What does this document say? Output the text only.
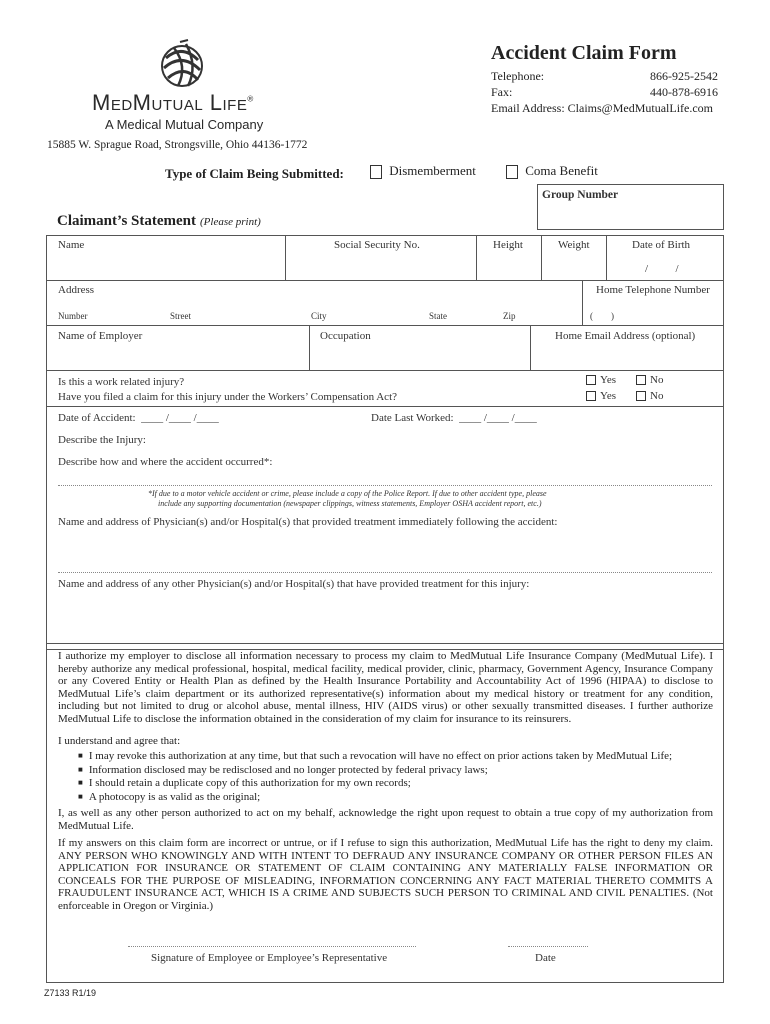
MedMutual Life®
A Medical Mutual Company
15885 W. Sprague Road, Strongsville, Ohio 44136-1772
Accident Claim Form
Telephone:	866-925-2542
Fax:	440-878-6916
Email Address: Claims@MedMutualLife.com
Type of Claim Being Submitted:	Dismemberment	Coma Benefit
Group Number
Claimant’s Statement (Please print)
Name	Social Security No.	Height	Weight	Date of Birth
/          /
Address	Home Telephone Number
Number	Street	City	State	Zip	(        )
Name of Employer	Occupation	Home Email Address (optional)
Is this a work related injury?
Have you filed a claim for this injury under the Workers’ Compensation Act?
Yes	No
Yes	No
Date of Accident:  ____ /____ /____	Date Last Worked:  ____ /____ /____
Describe the Injury:
Describe how and where the accident occurred*:
*If due to a motor vehicle accident or crime, please include a copy of the Police Report. If due to other accident type, please
include any supporting documentation (newspaper clippings, witness statements, Employer OSHA accident report, etc.)
Name and address of Physician(s) and/or Hospital(s) that provided treatment immediately following the accident:
Name and address of any other Physician(s) and/or Hospital(s) that have provided treatment for this injury:
I authorize my employer to disclose all information necessary to process my claim to MedMutual Life Insurance Company (MedMutual Life). I hereby authorize any medical professional, hospital, medical facility, medical provider, clinic, pharmacy, Government Agency, Insurance Company or any Covered Entity or Health Plan as defined by the Health Insurance Portability and Accountability Act of 1996 (HIPAA) to disclose to MedMutual Life’s claim department or its authorized representative(s) information about my medical history or treatment for any condition, including but not limited to drug or alcohol abuse, mental illness, HIV (AIDS virus) or other sexually transmitted diseases. I further authorize MedMutual Life to disclose the information obtained in the consideration of my claim for insurance to its reinsurers.
I understand and agree that:
■ I may revoke this authorization at any time, but that such a revocation will have no effect on prior actions taken by MedMutual Life;
■ Information disclosed may be redisclosed and no longer protected by federal privacy laws;
■ I should retain a duplicate copy of this authorization for my own records;
■ A photocopy is as valid as the original;
I, as well as any other person authorized to act on my behalf, acknowledge the right upon request to obtain a true copy of my authorization from MedMutual Life.
If my answers on this claim form are incorrect or untrue, or if I refuse to sign this authorization, MedMutual Life has the right to deny my claim. ANY PERSON WHO KNOWINGLY AND WITH INTENT TO DEFRAUD ANY INSURANCE COMPANY OR OTHER PERSON FILES AN APPLICATION FOR INSURANCE OR STATEMENT OF CLAIM CONTAINING ANY MATERIALLY FALSE INFORMATION OR CONCEALS FOR THE PURPOSE OF MISLEADING, INFORMATION CONCERNING ANY FACT MATERIAL THERETO COMMITS A FRAUDULENT INSURANCE ACT, WHICH IS A CRIME AND SUBJECTS SUCH PERSON TO CRIMINAL AND CIVIL PENALTIES. (Not enforceable in Oregon or Virginia.)
Signature of Employee or Employee’s Representative	Date
Z7133 R1/19
